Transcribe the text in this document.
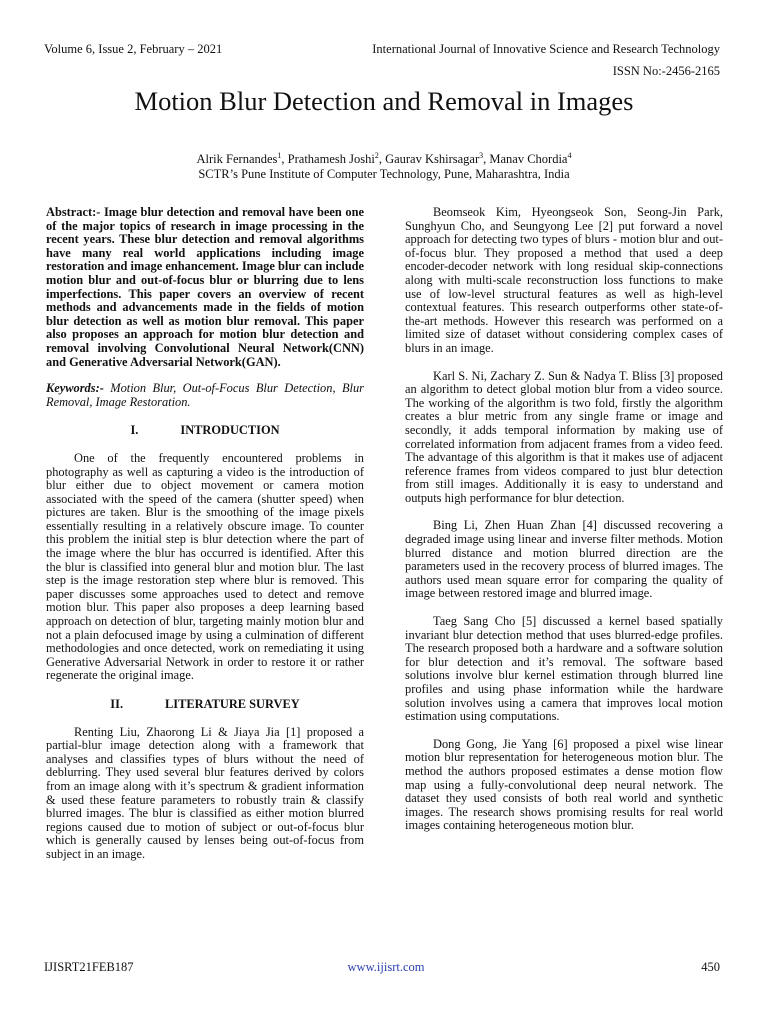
Volume 6, Issue 2, February – 2021	International Journal of Innovative Science and Research Technology
ISSN No:-2456-2165
Motion Blur Detection and Removal in Images
Alrik Fernandes$^1$, Prathamesh Joshi$^2$, Gaurav Kshirsagar$^3$, Manav Chordia$^4$
SCTR’s Pune Institute of Computer Technology, Pune, Maharashtra, India

Abstract:- Image blur detection and removal have been one of the major topics of research in image processing in the recent years. These blur detection and removal algorithms have many real world applications including image restoration and image enhancement. Image blur can include motion blur and out-of-focus blur or blurring due to lens imperfections. This paper covers an overview of recent methods and advancements made in the fields of motion blur detection as well as motion blur removal. This paper also proposes an approach for motion blur detection and removal involving Convolutional Neural Network(CNN) and Generative Adversarial Network(GAN).

Keywords:- Motion Blur, Out-of-Focus Blur Detection, Blur Removal, Image Restoration.

I.	INTRODUCTION

One of the frequently encountered problems in photography as well as capturing a video is the introduction of blur either due to object movement or camera motion associated with the speed of the camera (shutter speed) when pictures are taken. Blur is the smoothing of the image pixels essentially resulting in a relatively obscure image. To counter this problem the initial step is blur detection where the part of the image where the blur has occurred is identified. After this the blur is classified into general blur and motion blur. The last step is the image restoration step where blur is removed. This paper discusses some approaches used to detect and remove motion blur. This paper also proposes a deep learning based approach on detection of blur, targeting mainly motion blur and not a plain defocused image by using a culmination of different methodologies and once detected, work on remediating it using Generative Adversarial Network in order to restore it or rather regenerate the original image.

II.	LITERATURE SURVEY

Renting Liu, Zhaorong Li & Jiaya Jia [1] proposed a partial-blur image detection along with a framework that analyses and classifies types of blurs without the need of deblurring. They used several blur features derived by colors from an image along with it’s spectrum & gradient information & used these feature parameters to robustly train & classify blurred images. The blur is classified as either motion blurred regions caused due to motion of subject or out-of-focus blur which is generally caused by lenses being out-of-focus from subject in an image.

Beomseok Kim, Hyeongseok Son, Seong-Jin Park, Sunghyun Cho, and Seungyong Lee [2] put forward a novel approach for detecting two types of blurs - motion blur and out-of-focus blur. They proposed a method that used a deep encoder-decoder network with long residual skip-connections along with multi-scale reconstruction loss functions to make use of low-level structural features as well as high-level contextual features. This research outperforms other state-of-the-art methods. However this research was performed on a limited size of dataset without considering complex cases of blurs in an image.

Karl S. Ni, Zachary Z. Sun & Nadya T. Bliss [3] proposed an algorithm to detect global motion blur from a video source. The working of the algorithm is two fold, firstly the algorithm creates a blur metric from any single frame or image and secondly, it adds temporal information by making use of correlated information from adjacent frames from a video feed. The advantage of this algorithm is that it makes use of adjacent reference frames from videos compared to just blur detection from still images. Additionally it is easy to understand and outputs high performance for blur detection.

Bing Li, Zhen Huan Zhan [4] discussed recovering a degraded image using linear and inverse filter methods. Motion blurred distance and motion blurred direction are the parameters used in the recovery process of blurred images. The authors used mean square error for comparing the quality of image between restored image and blurred image.

Taeg Sang Cho [5] discussed a kernel based spatially invariant blur detection method that uses blurred-edge profiles. The research proposed both a hardware and a software solution for blur detection and it’s removal. The software based solutions involve blur kernel estimation through blurred line profiles and using phase information while the hardware solution involves using a camera that improves local motion estimation using computations.

Dong Gong, Jie Yang [6] proposed a pixel wise linear motion blur representation for heterogeneous motion blur. The method the authors proposed estimates a dense motion flow map using a fully-convolutional deep neural network. The dataset they used consists of both real world and synthetic images. The research shows promising results for real world images containing heterogeneous motion blur.

IJISRT21FEB187	www.ijisrt.com	450
